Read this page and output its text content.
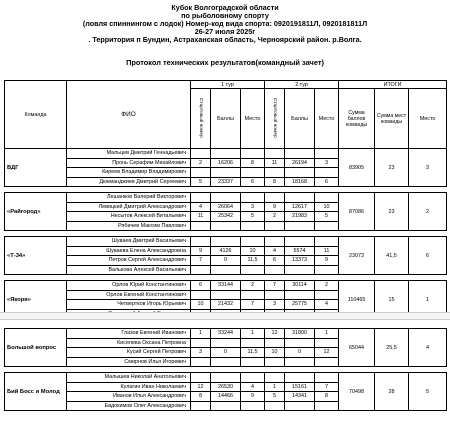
Кубок Волгоградской области
по рыболовному спорту
(ловля спиннингом с лодок) Номер-код вида спорта: 0920191811Л, 0920181811Л
26-27 июля 2025г
. Территория п Бундин, Астраханская область, Черноярский район. р.Волга.
Протокол технических результатов(командный зачет)
Команда	ФИО	1 тур			2 тур			ИТОГИ		
		Стартовый номер	Баллы	Место	Стартовый номер	Баллы	Место	Сумма баллов команды	Сумма мест команды	Место
ВДГ	Мальцев Дмитрий Геннадьевич							83905	23	3
	Пронь Серафим Михайлович	2	16206	8	11	26194	3			
	Киреев Владимир Владимирович									
	Дюкманджиев Дмитрий Сергеевич	5	23337	6	8	18168	6			

«Райгород»	Лешанков Валерий Викторович							87086	23	2
	Левицкий Дмитрий Александрович	4	26064	3	9	12617	10			
	Несытов Алексей Витальевич	11	25342	5	2	21983	5			
	Рябичев Максим Павлович									

«Т-34»	Шуваев Дмитрий Васильевич							23073	41,5	6
	Шуваева Елена Александровна	9	4126	10	4	5574	11			
	Петров Сергей Александрович	7	0	11,5	6	13373	9			
	Валькова Алексей Васильевич									

«Якоря»	Орлов Юрий Константинович	6	33144	2	7	30114	2	110465	15	1
	Орлов Евгений Константинович									
	Четвертков Игорь Юрьевич	10	21432	7	3	25775	4			

Большой вопрос	Глазов Евгений Иванович	1	33244	1	12	31800	1	65044	25,5	4
	Киселева Оксана Петровна									
	Кусий Сергей Петрович	3	0	11,5	10	0	12			
	Смирнов Илья Игоревич									

Бий Босс и Молод	Малышев Николай Анатольевич							70498	28	5
	Кулагин Иван Николаевич	12	26530	4	1	15161	7			
	Иванов Илья Александрович	8	14466	9	5	14341	8			
	Евдокимов Олег Александрович									
